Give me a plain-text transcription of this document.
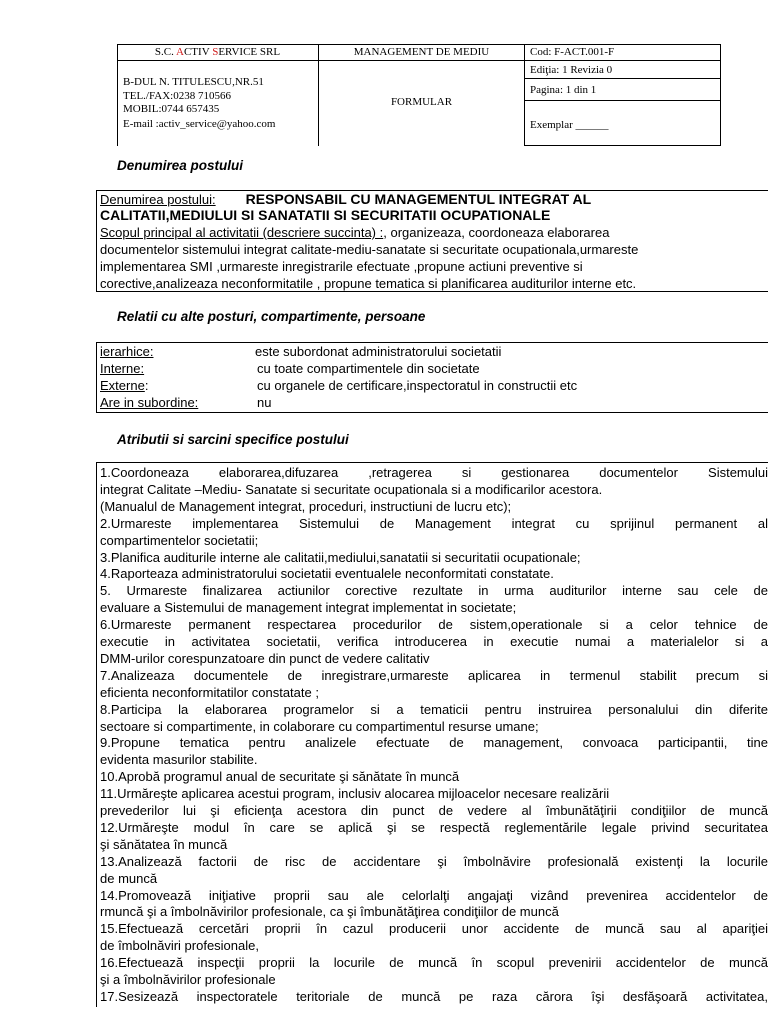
S.C. ACTIV SERVICE SRL	MANAGEMENT DE MEDIU	Cod: F-ACT.001-F
B-DUL N. TITULESCU,NR.51
TEL./FAX:0238 710566
MOBIL:0744 657435
E-mail :activ_service@yahoo.com
FORMULAR
Ediţia: 1 Revizia 0
Pagina: 1 din 1
Exemplar ______
Denumirea postului
Denumirea postului: RESPONSABIL CU MANAGEMENTUL INTEGRAT AL
CALITATII,MEDIULUI SI SANATATII SI SECURITATII OCUPATIONALE
Scopul principal al activitatii (descriere succinta) :, organizeaza, coordoneaza elaborarea
documentelor sistemului integrat calitate-mediu-sanatate si securitate ocupationala,urmareste
implementarea SMI ,urmareste inregistrarile efectuate ,propune actiuni preventive si
corective,analizeaza neconformitatile , propune tematica si planificarea auditurilor interne etc.
Relatii cu alte posturi, compartimente, persoane
ierarhice:	este subordonat administratorului societatii
Interne:	cu toate compartimentele din societate
Externe:	cu organele de certificare,inspectoratul in constructii etc
Are in subordine:	nu
Atributii si sarcini specifice postului
1.Coordoneaza elaborarea,difuzarea ,retragerea si gestionarea documentelor Sistemului
integrat Calitate –Mediu- Sanatate si securitate ocupationala si a modificarilor acestora.
(Manualul de Management integrat, proceduri, instructiuni de lucru etc);
2.Urmareste implementarea Sistemului de Management integrat cu sprijinul permanent al
compartimentelor societatii;
3.Planifica auditurile interne ale calitatii,mediului,sanatatii si securitatii ocupationale;
4.Raporteaza administratorului societatii eventualele neconformitati constatate.
5. Urmareste finalizarea actiunilor corective rezultate in urma auditurilor interne sau cele de
evaluare a Sistemului de management integrat implementat in societate;
6.Urmareste permanent respectarea procedurilor de sistem,operationale si a celor tehnice de
executie in activitatea societatii, verifica introducerea in executie numai a materialelor si a
DMM-urilor corespunzatoare din punct de vedere calitativ
7.Analizeaza documentele de inregistrare,urmareste aplicarea in termenul stabilit precum si
eficienta neconformitatilor constatate ;
8.Participa la elaborarea programelor si a tematicii pentru instruirea personalului din diferite
sectoare si compartimente, in colaborare cu compartimentul resurse umane;
9.Propune tematica pentru analizele efectuate de management, convoaca participantii, tine
evidenta masurilor stabilite.
10.Aprobă programul anual de securitate şi sănătate în muncă
11.Urmăreşte aplicarea acestui program, inclusiv alocarea mijloacelor necesare realizării
prevederilor lui şi eficienţa acestora din punct de vedere al îmbunătăţirii condiţiilor de muncă
12.Urmăreşte modul în care se aplică şi se respectă reglementările legale privind securitatea
şi sănătatea în muncă
13.Analizează factorii de risc de accidentare şi îmbolnăvire profesională existenţi la locurile
de muncă
14.Promovează iniţiative proprii sau ale celorlalţi angajaţi vizând prevenirea accidentelor de
rmuncă şi a îmbolnăvirilor profesionale, ca şi îmbunătăţirea condiţiilor de muncă
15.Efectuează cercetări proprii în cazul producerii unor accidente de muncă sau al apariţiei
de îmbolnăviri profesionale,
16.Efectuează inspecţii proprii la locurile de muncă în scopul prevenirii accidentelor de muncă
şi a îmbolnăvirilor profesionale
17.Sesizează inspectoratele teritoriale de muncă pe raza cărora îşi desfăşoară activitatea,
